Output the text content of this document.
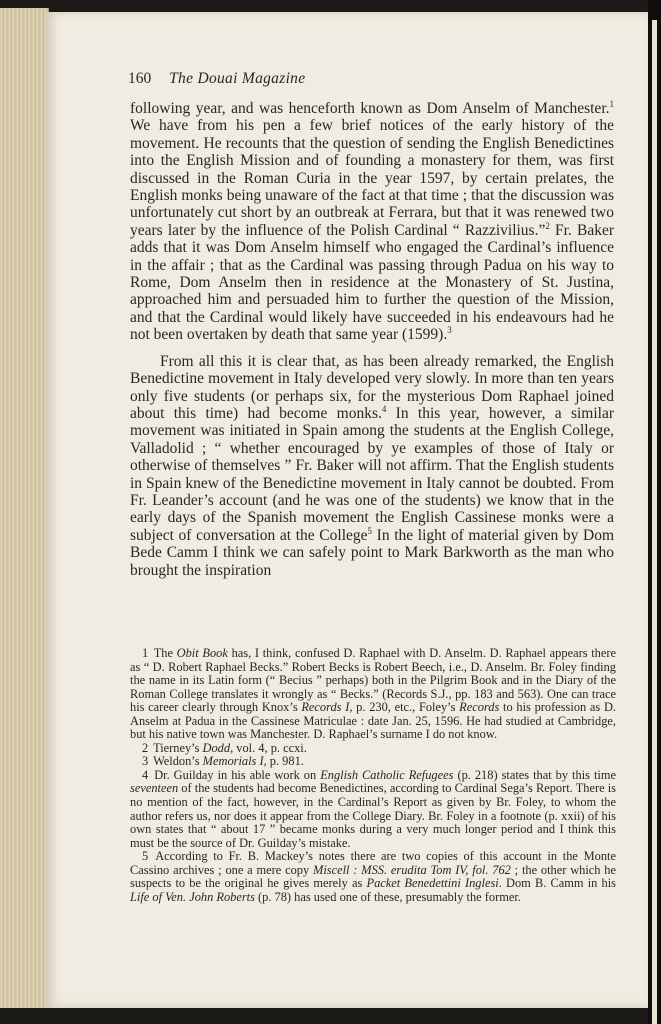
160 The Douai Magazine

following year, and was henceforth known as Dom Anselm of Manchester.$^1$ We have from his pen a few brief notices of the early history of the movement. He recounts that the question of sending the English Benedictines into the English Mission and of founding a monastery for them, was first discussed in the Roman Curia in the year 1597, by certain prelates, the English monks being unaware of the fact at that time ; that the discussion was unfortunately cut short by an outbreak at Ferrara, but that it was renewed two years later by the influence of the Polish Cardinal “ Razzivilius.”$^2$ Fr. Baker adds that it was Dom Anselm himself who engaged the Cardinal’s influence in the affair ; that as the Cardinal was passing through Padua on his way to Rome, Dom Anselm then in residence at the Monastery of St. Justina, approached him and persuaded him to further the question of the Mission, and that the Cardinal would likely have succeeded in his endeavours had he not been overtaken by death that same year (1599).$^3$

From all this it is clear that, as has been already remarked, the English Benedictine movement in Italy developed very slowly. In more than ten years only five students (or perhaps six, for the mysterious Dom Raphael joined about this time) had become monks.$^4$ In this year, however, a similar movement was initiated in Spain among the students at the English College, Valladolid ; “ whether encouraged by ye examples of those of Italy or otherwise of themselves ” Fr. Baker will not affirm. That the English students in Spain knew of the Benedictine movement in Italy cannot be doubted. From Fr. Leander’s account (and he was one of the students) we know that in the early days of the Spanish movement the English Cassinese monks were a subject of conversation at the College$^5$ In the light of material given by Dom Bede Camm I think we can safely point to Mark Barkworth as the man who brought the inspiration

1 The Obit Book has, I think, confused D. Raphael with D. Anselm. D. Raphael appears there as “ D. Robert Raphael Becks.” Robert Becks is Robert Beech, i.e., D. Anselm. Br. Foley finding the name in its Latin form (“ Becius ” perhaps) both in the Pilgrim Book and in the Diary of the Roman College translates it wrongly as “ Becks.” (Records S.J., pp. 183 and 563). One can trace his career clearly through Knox’s Records I, p. 230, etc., Foley’s Records to his profession as D. Anselm at Padua in the Cassinese Matriculae : date Jan. 25, 1596. He had studied at Cambridge, but his native town was Manchester. D. Raphael’s surname I do not know.

2 Tierney’s Dodd, vol. 4, p. ccxi.

3 Weldon’s Memorials I, p. 981.

4 Dr. Guilday in his able work on English Catholic Refugees (p. 218) states that by this time seventeen of the students had become Benedictines, according to Cardinal Sega’s Report. There is no mention of the fact, however, in the Cardinal’s Report as given by Br. Foley, to whom the author refers us, nor does it appear from the College Diary. Br. Foley in a footnote (p. xxii) of his own states that “ about 17 ” became monks during a very much longer period and I think this must be the source of Dr. Guilday’s mistake.

5 According to Fr. B. Mackey’s notes there are two copies of this account in the Monte Cassino archives ; one a mere copy Miscell : MSS. erudita Tom IV, fol. 762 ; the other which he suspects to be the original he gives merely as Packet Benedettini Inglesi. Dom B. Camm in his Life of Ven. John Roberts (p. 78) has used one of these, presumably the former.
